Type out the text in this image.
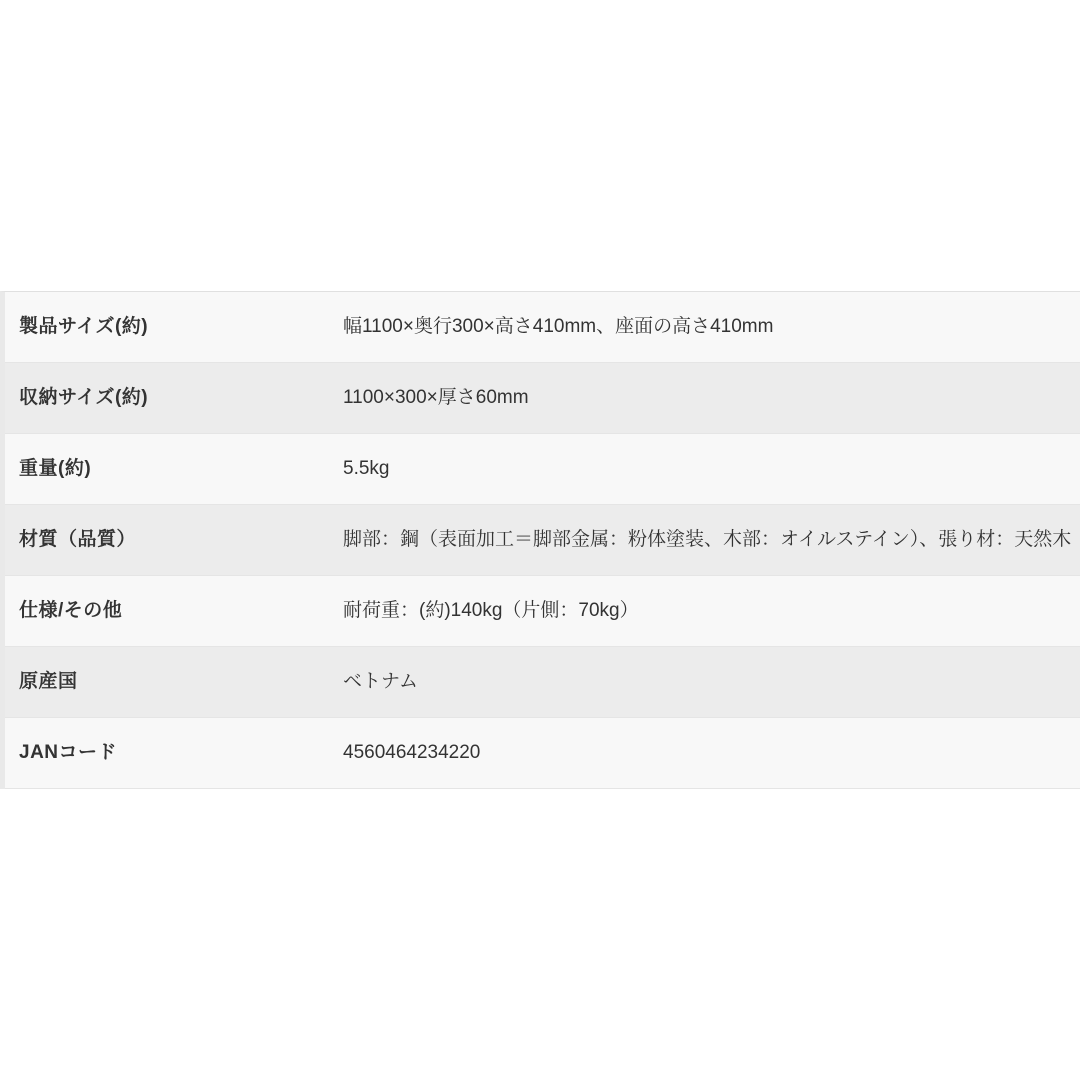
製品サイズ(約)	幅1100×奥行300×高さ410mm、座面の高さ410mm
収納サイズ(約)	1100×300×厚さ60mm
重量(約)	5.5kg
材質（品質）	脚部：鋼（表面加工＝脚部金属：粉体塗装、木部：オイルステイン）、張り材：天然木
仕様/その他	耐荷重：(約)140kg（片側：70kg）
原産国	ベトナム
JANコード	4560464234220
